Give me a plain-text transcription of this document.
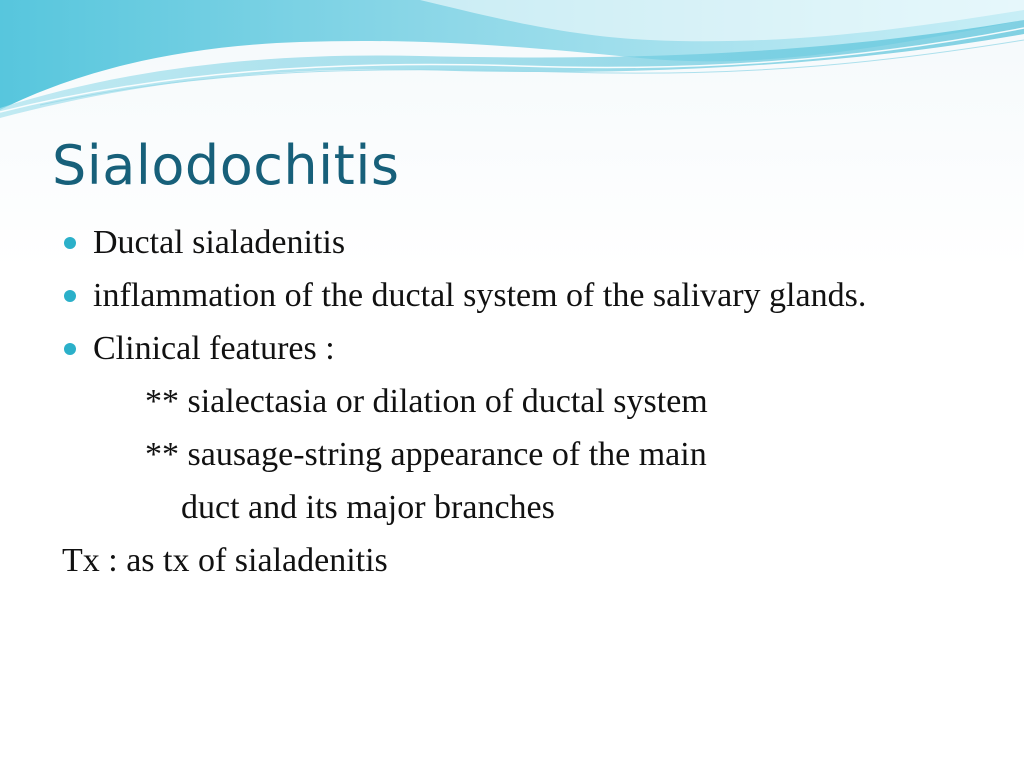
Sialodochitis
Ductal sialadenitis
inflammation of the ductal system of the salivary glands.
Clinical features :
** sialectasia or dilation of ductal system
** sausage-string appearance of the main
duct and its major branches
Tx : as tx of sialadenitis
